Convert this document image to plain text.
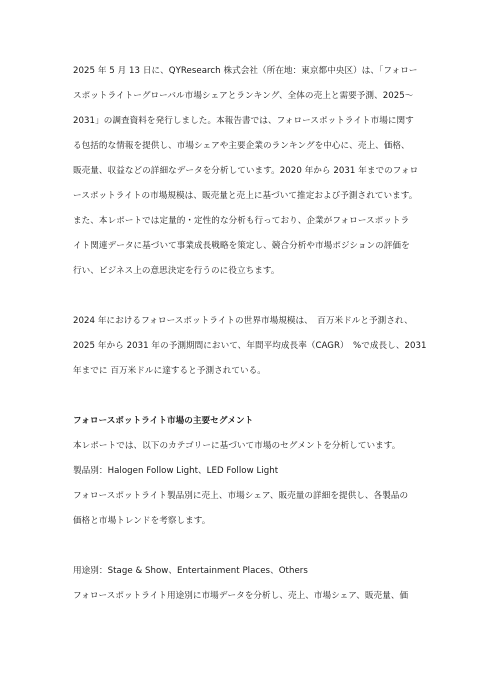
2025 年 5 月 13 日に、QYResearch 株式会社（所在地：東京都中央区）は、「フォロー
スポットライトーグローバル市場シェアとランキング、全体の売上と需要予測、2025〜
2031」の調査資料を発行しました。本報告書では、フォロースポットライト市場に関す
る包括的な情報を提供し、市場シェアや主要企業のランキングを中心に、売上、価格、
販売量、収益などの詳細なデータを分析しています。2020 年から 2031 年までのフォロ
ースポットライトの市場規模は、販売量と売上に基づいて推定および予測されています。
また、本レポートでは定量的・定性的な分析も行っており、企業がフォロースポットラ
イト関連データに基づいて事業成長戦略を策定し、競合分析や市場ポジションの評価を
行い、ビジネス上の意思決定を行うのに役立ちます。
2024 年におけるフォロースポットライトの世界市場規模は、　百万米ドルと予測され、
2025 年から 2031 年の予測期間において、年間平均成長率（CAGR）　%で成長し、2031
年までに 百万米ドルに達すると予測されている。
フォロースポットライト市場の主要セグメント
本レポートでは、以下のカテゴリーに基づいて市場のセグメントを分析しています。
製品別：Halogen Follow Light、LED Follow Light
フォロースポットライト製品別に売上、市場シェア、販売量の詳細を提供し、各製品の
価格と市場トレンドを考察します。
用途別：Stage & Show、Entertainment Places、Others
フォロースポットライト用途別に市場データを分析し、売上、市場シェア、販売量、価
